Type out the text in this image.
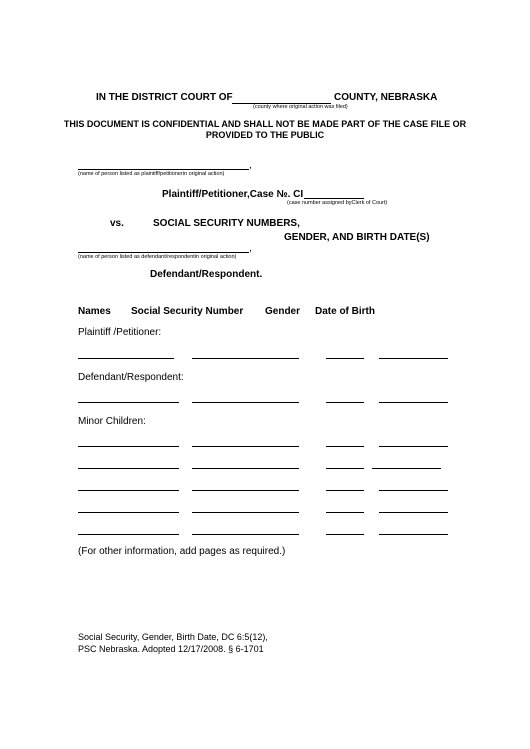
IN THE DISTRICT COURT OF	COUNTY, NEBRASKA
(county where original action was filed)
THIS DOCUMENT IS CONFIDENTIAL AND SHALL NOT BE MADE PART OF THE CASE FILE OR
PROVIDED TO THE PUBLIC
,
(name of person listed as plaintiff/petitionerin original action)
Plaintiff/Petitioner,Case №. CI
(case number assigned byClerk of Court)
vs.	SOCIAL SECURITY NUMBERS,
GENDER, AND BIRTH DATE(S)
,
(name of person listed as defendant/respondentin original action)
Defendant/Respondent.
Names Social Security Number Gender Date of Birth
Plaintiff /Petitioner:
Defendant/Respondent:
Minor Children:
(For other information, add pages as required.)
Social Security, Gender, Birth Date, DC 6:5(12),
PSC Nebraska. Adopted 12/17/2008. § 6-1701
